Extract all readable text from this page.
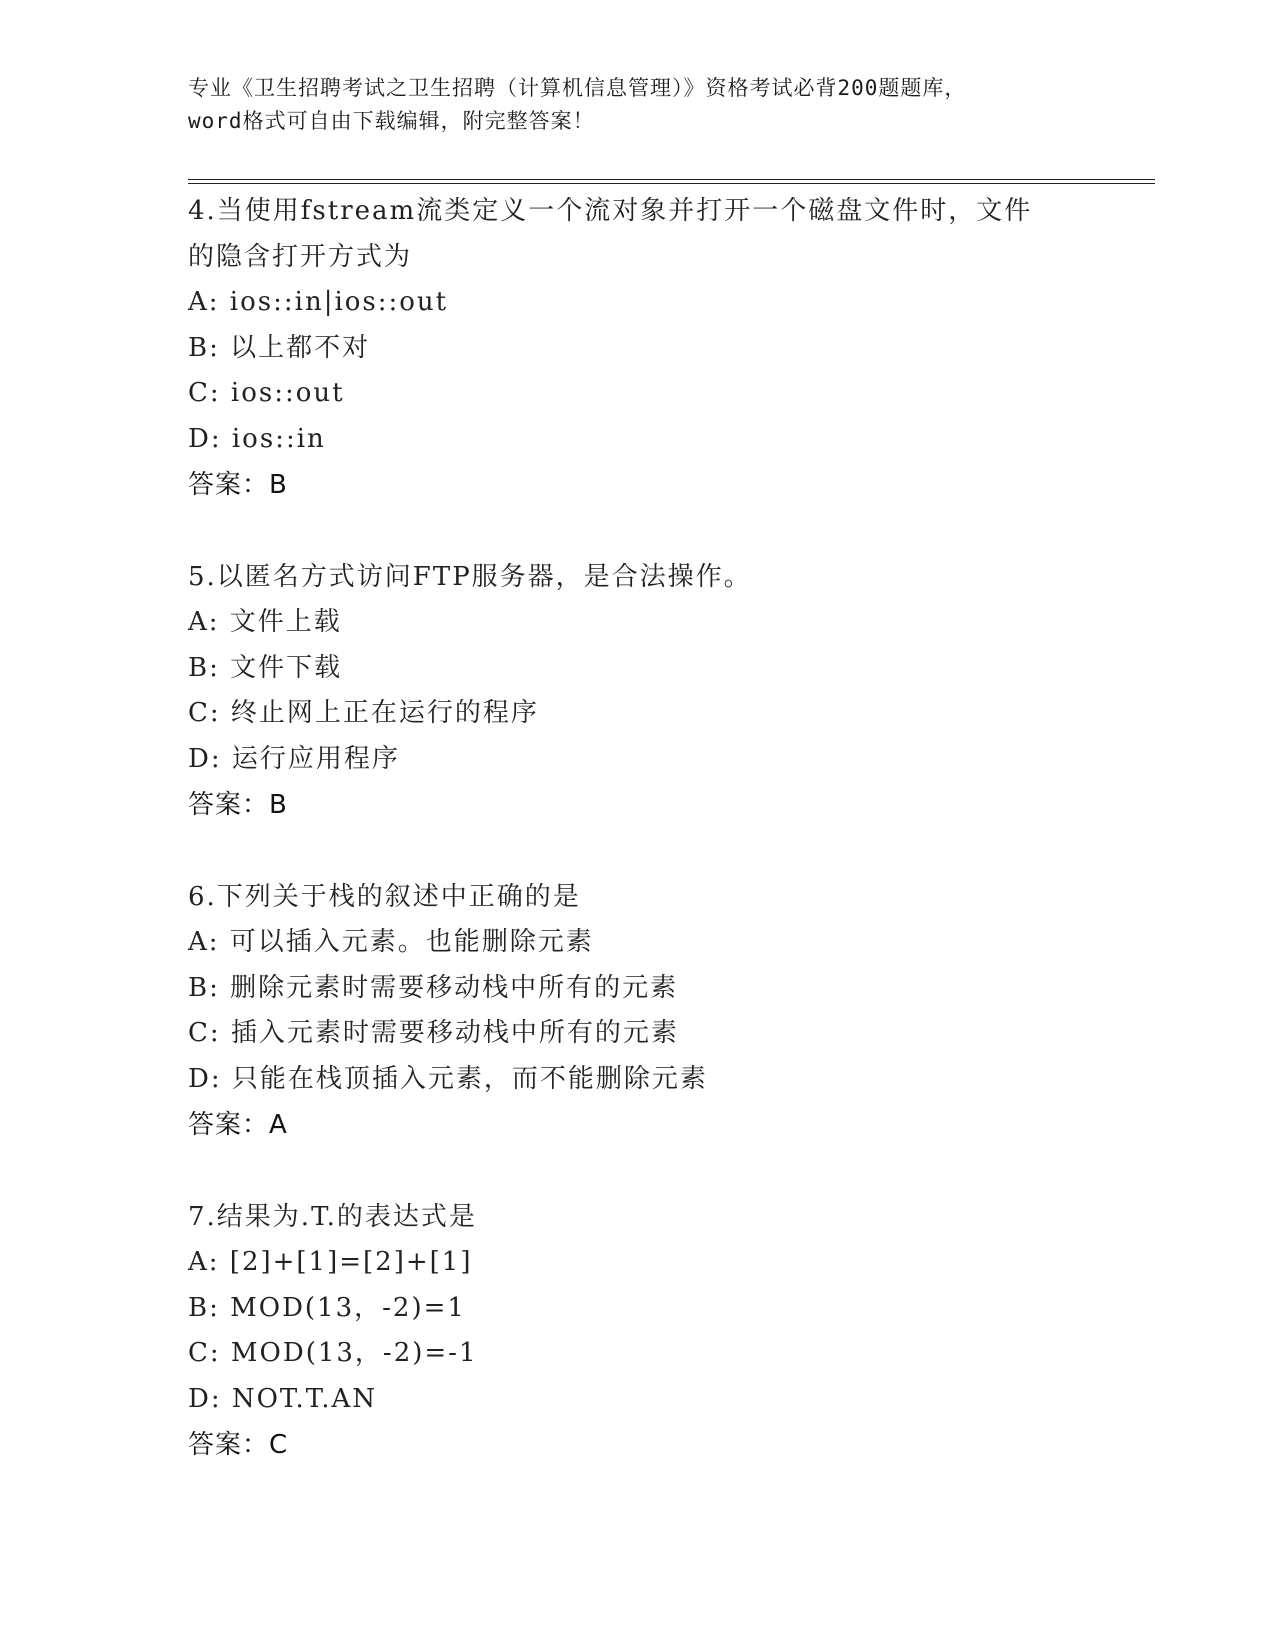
专业《卫生招聘考试之卫生招聘（计算机信息管理）》资格考试必背200题题库，
word格式可自由下载编辑，附完整答案！
4.当使用fstream流类定义一个流对象并打开一个磁盘文件时，文件
的隐含打开方式为
A: ios::in|ios::out
B: 以上都不对
C: ios::out
D: ios::in
答案：B
5.以匿名方式访问FTP服务器，是合法操作。
A: 文件上载
B: 文件下载
C: 终止网上正在运行的程序
D: 运行应用程序
答案：B
6.下列关于栈的叙述中正确的是
A: 可以插入元素。也能删除元素
B: 删除元素时需要移动栈中所有的元素
C: 插入元素时需要移动栈中所有的元素
D: 只能在栈顶插入元素，而不能删除元素
答案：A
7.结果为.T.的表达式是
A: [2]+[1]=[2]+[1]
B: MOD(13，-2)=1
C: MOD(13，-2)=-1
D: NOT.T.AN
答案：C
